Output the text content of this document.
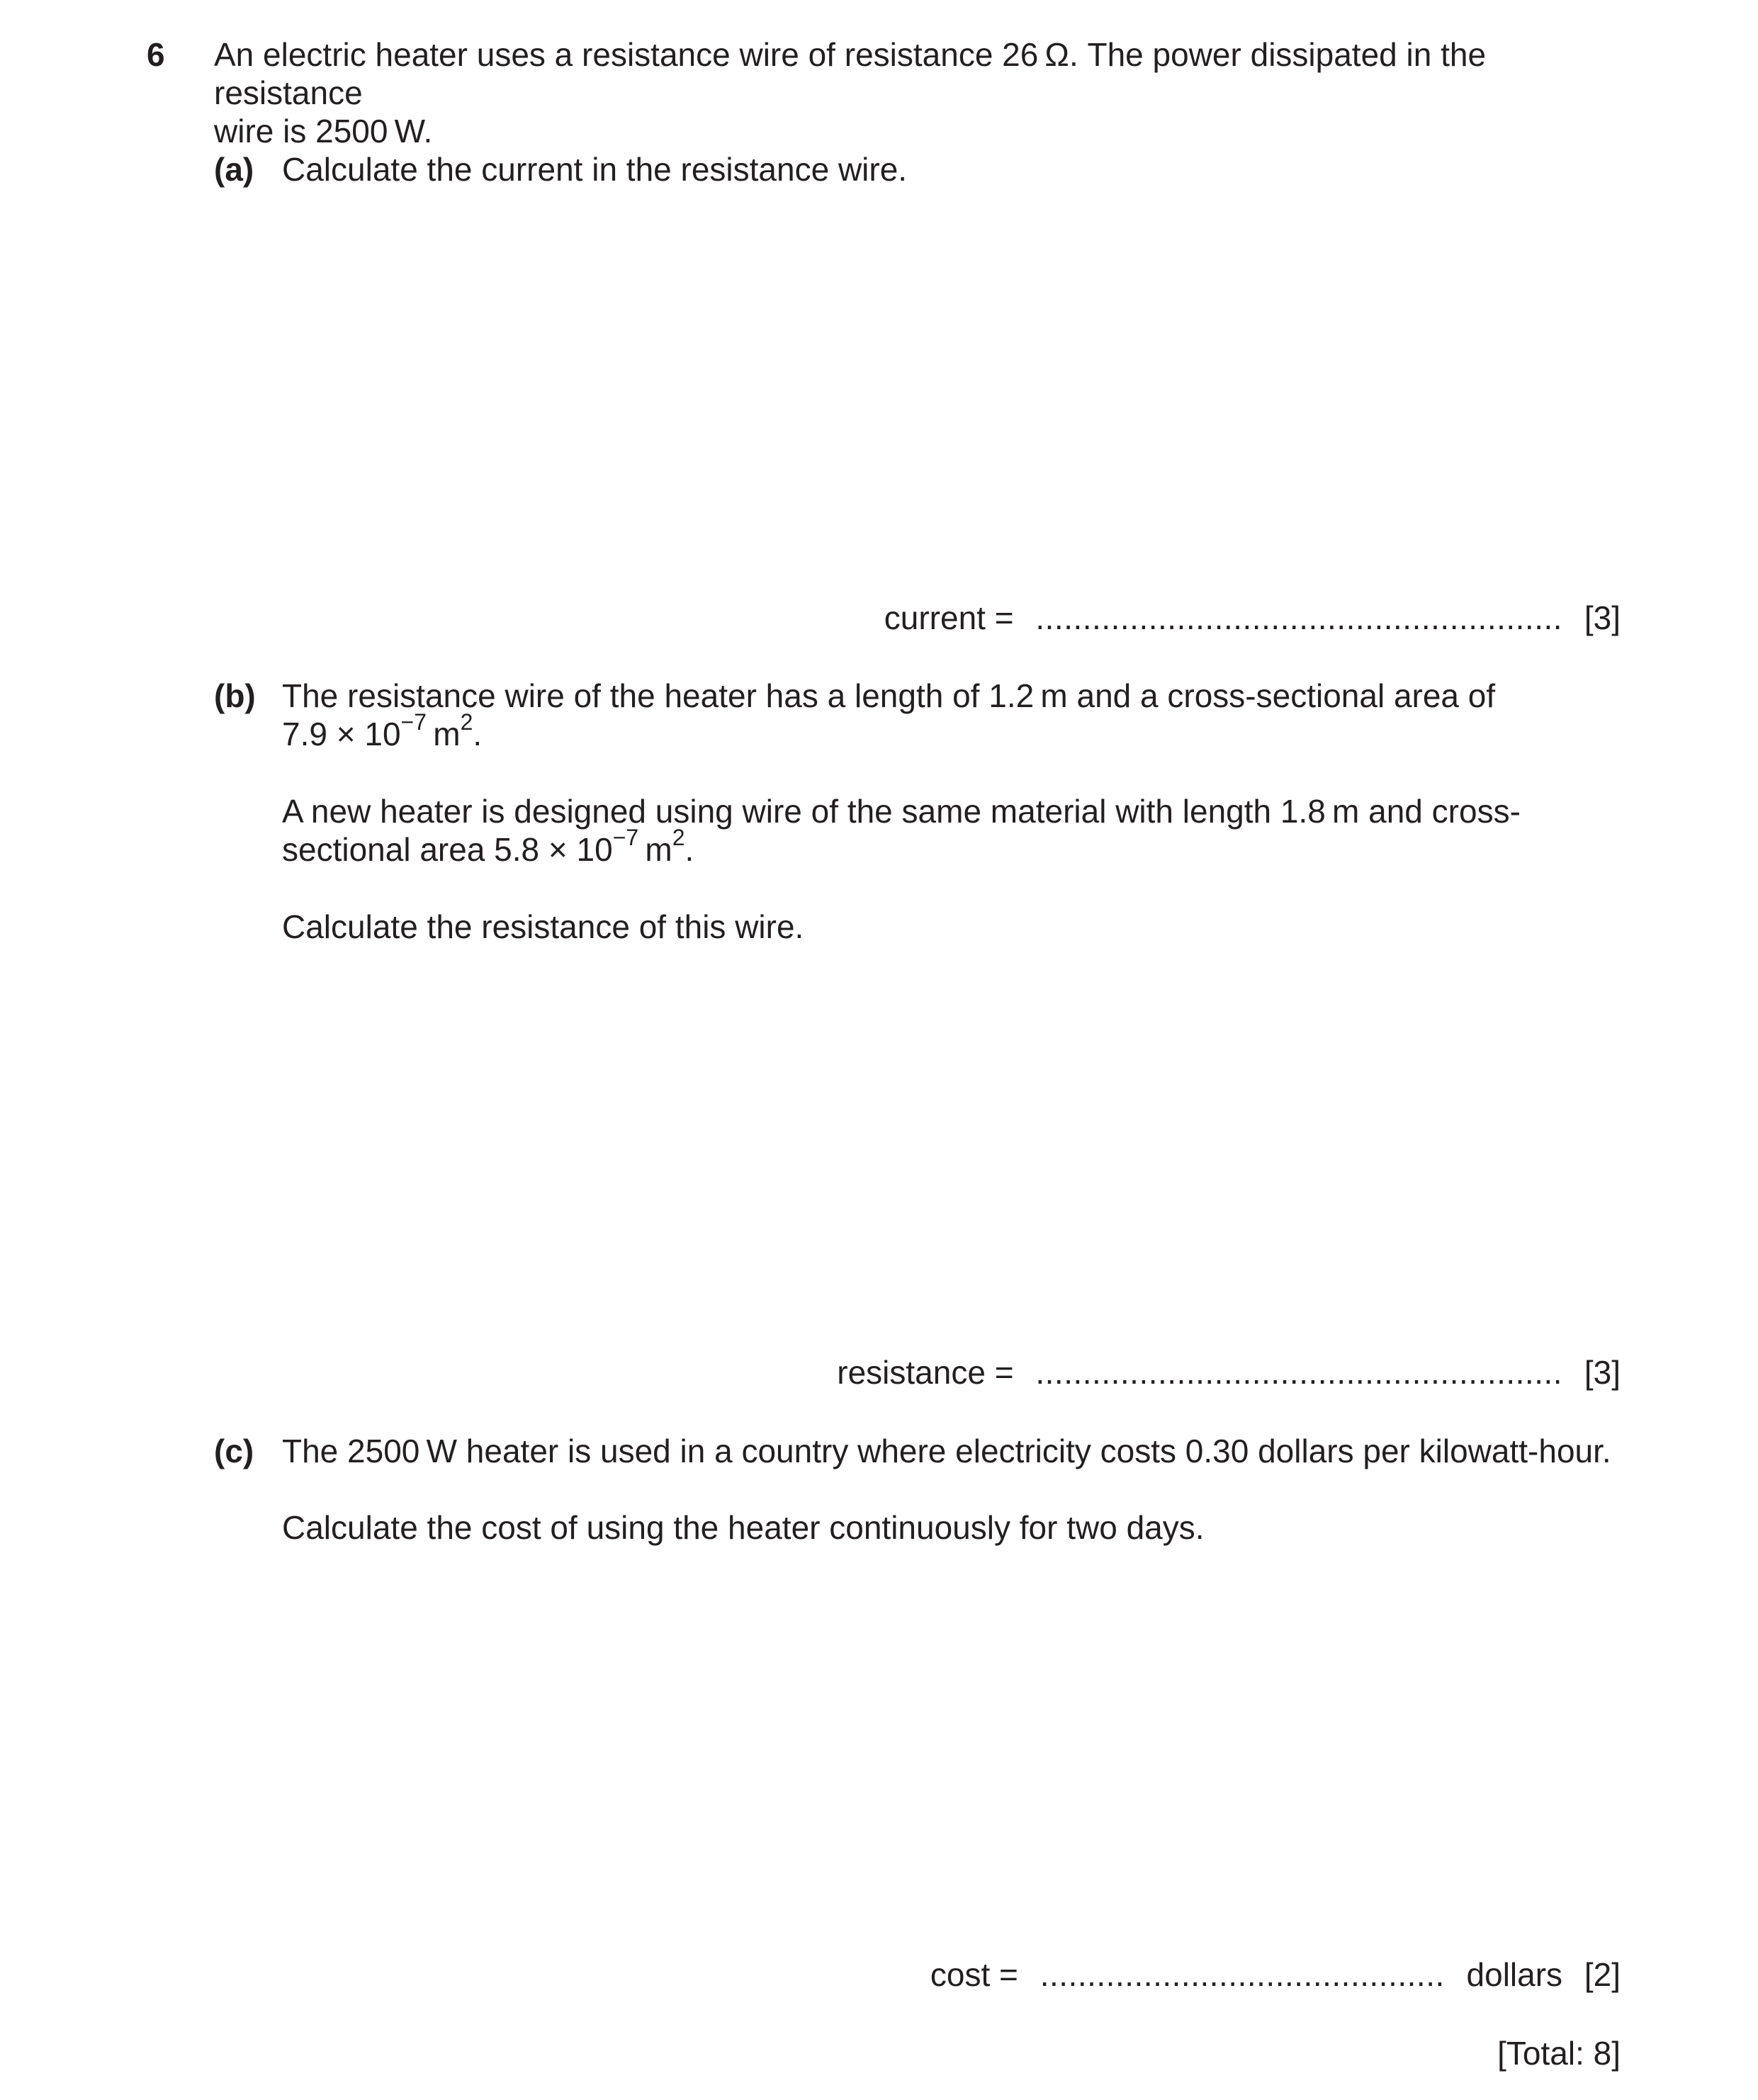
6 An electric heater uses a resistance wire of resistance 26 Ω. The power dissipated in the resistance
wire is 2500 W.
(a) Calculate the current in the resistance wire.
current = ........................................................ [3]
(b) The resistance wire of the heater has a length of 1.2 m and a cross-sectional area of
$7.9 \times 10^{-7}$ $m^2$.
A new heater is designed using wire of the same material with length 1.8 m and cross-
sectional area $5.8 \times 10^{-7}$ $m^2$.
Calculate the resistance of this wire.
resistance = ........................................................ [3]
(c) The 2500 W heater is used in a country where electricity costs 0.30 dollars per kilowatt-hour.
Calculate the cost of using the heater continuously for two days.
cost = ........................................... dollars [2]
[Total: 8]
